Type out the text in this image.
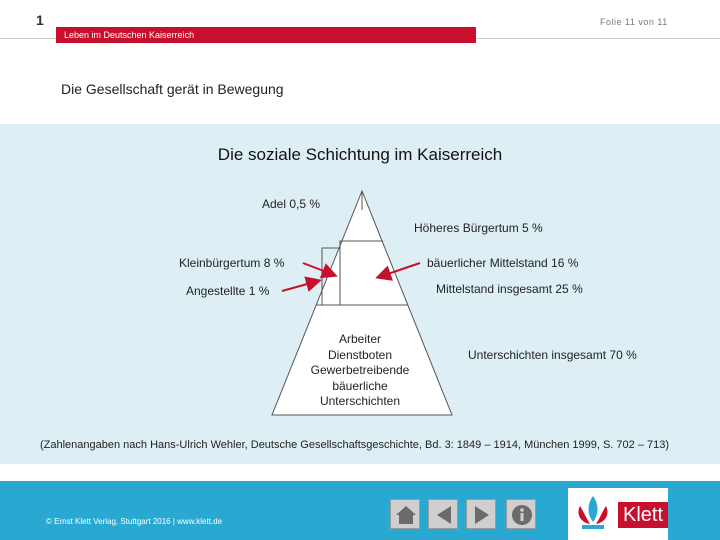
1	Folie 11 von 11
Leben im Deutschen Kaiserreich
Die Gesellschaft gerät in Bewegung
Die soziale Schichtung im Kaiserreich
Adel 0,5 %
Höheres Bürgertum 5 %
Kleinbürgertum 8 %	bäuerlicher Mittelstand 16 %
Angestellte 1 %	Mittelstand insgesamt 25 %
Unterschichten insgesamt 70 %
Arbeiter
Dienstboten
Gewerbetreibende
bäuerliche
Unterschichten
(Zahlenangaben nach Hans-Ulrich Wehler, Deutsche Gesellschaftsgeschichte, Bd. 3: 1849 – 1914, München 1999, S. 702 – 713)
© Ernst Klett Verlag, Stuttgart 2016 | www.klett.de	Klett
